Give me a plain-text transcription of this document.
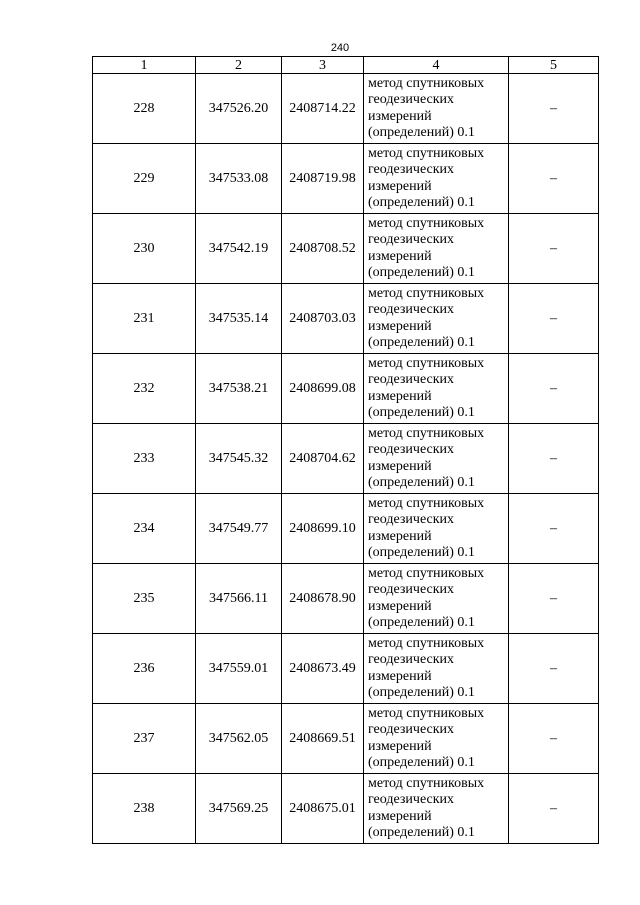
240
1	2	3	4	5
228	347526.20	2408714.22	метод спутниковых
геодезических
измерений
(определений) 0.1	–
229	347533.08	2408719.98	метод спутниковых
геодезических
измерений
(определений) 0.1	–
230	347542.19	2408708.52	метод спутниковых
геодезических
измерений
(определений) 0.1	–
231	347535.14	2408703.03	метод спутниковых
геодезических
измерений
(определений) 0.1	–
232	347538.21	2408699.08	метод спутниковых
геодезических
измерений
(определений) 0.1	–
233	347545.32	2408704.62	метод спутниковых
геодезических
измерений
(определений) 0.1	–
234	347549.77	2408699.10	метод спутниковых
геодезических
измерений
(определений) 0.1	–
235	347566.11	2408678.90	метод спутниковых
геодезических
измерений
(определений) 0.1	–
236	347559.01	2408673.49	метод спутниковых
геодезических
измерений
(определений) 0.1	–
237	347562.05	2408669.51	метод спутниковых
геодезических
измерений
(определений) 0.1	–
238	347569.25	2408675.01	метод спутниковых
геодезических
измерений
(определений) 0.1	–
